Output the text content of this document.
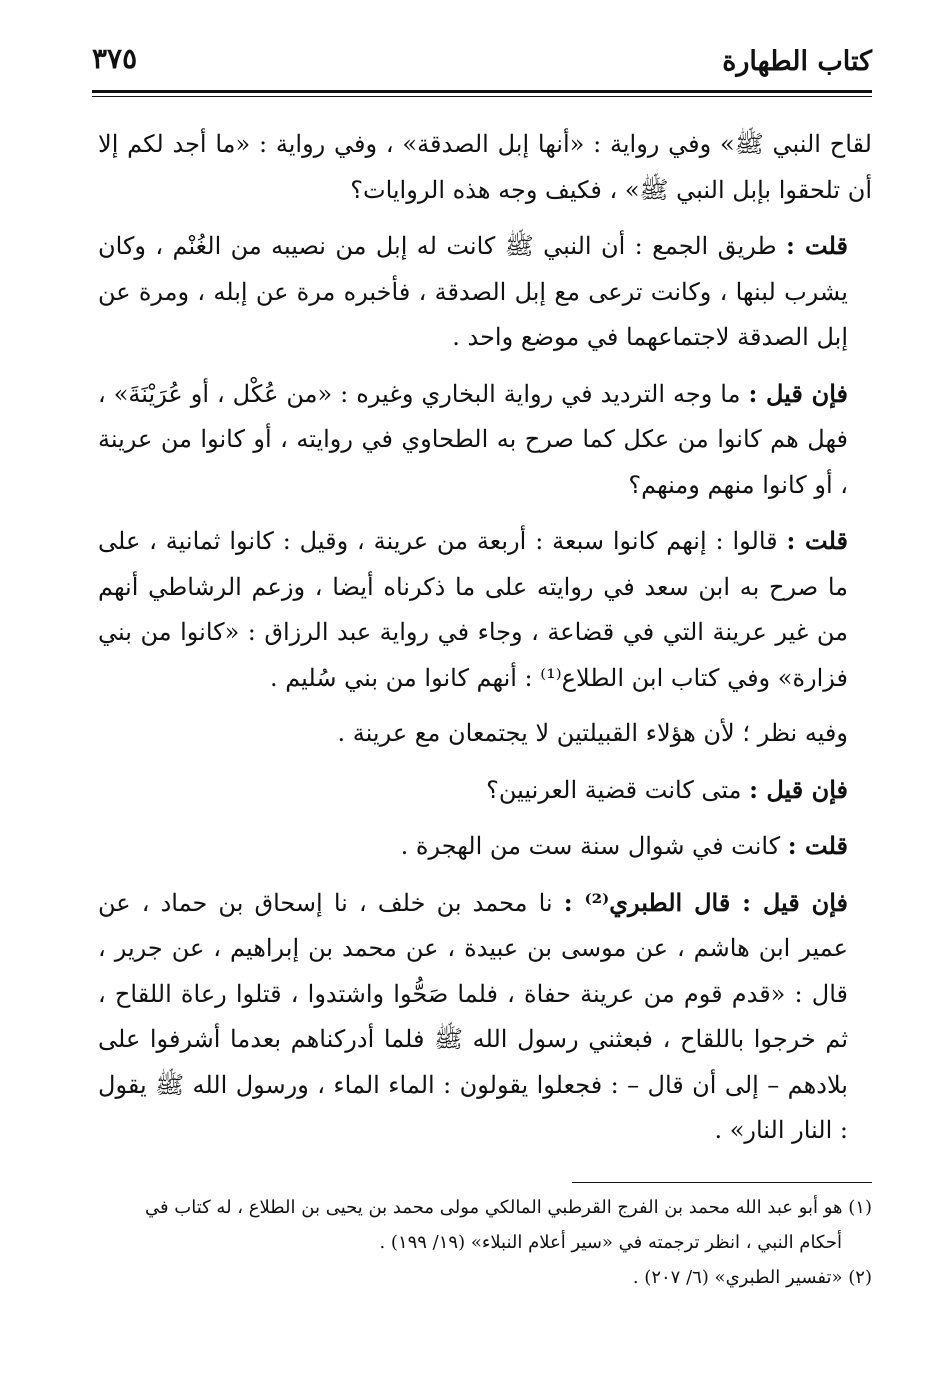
كتاب الطهارة
٣٧٥

لقاح النبي ﷺ» وفي رواية : «أنها إبل الصدقة» ، وفي رواية : «ما أجد لكم إلا أن تلحقوا بإبل النبي ﷺ» ، فكيف وجه هذه الروايات؟

قلت : طريق الجمع : أن النبي ﷺ كانت له إبل من نصيبه من الغُنْم ، وكان يشرب لبنها ، وكانت ترعى مع إبل الصدقة ، فأخبره مرة عن إبله ، ومرة عن إبل الصدقة لاجتماعهما في موضع واحد .

فإن قيل : ما وجه الترديد في رواية البخاري وغيره : «من عُكْل ، أو عُرَيْنَةَ» ، فهل هم كانوا من عكل كما صرح به الطحاوي في روايته ، أو كانوا من عرينة ، أو كانوا منهم ومنهم؟

قلت : قالوا : إنهم كانوا سبعة : أربعة من عرينة ، وقيل : كانوا ثمانية ، على ما صرح به ابن سعد في روايته على ما ذكرناه أيضا ، وزعم الرشاطي أنهم من غير عرينة التي في قضاعة ، وجاء في رواية عبد الرزاق : «كانوا من بني فزارة» وفي كتاب ابن الطلاع⁽¹⁾ : أنهم كانوا من بني سُليم .

وفيه نظر ؛ لأن هؤلاء القبيلتين لا يجتمعان مع عرينة .

فإن قيل : متى كانت قضية العرنيين؟

قلت : كانت في شوال سنة ست من الهجرة .

فإن قيل : قال الطبري⁽²⁾ : نا محمد بن خلف ، نا إسحاق بن حماد ، عن عمير ابن هاشم ، عن موسى بن عبيدة ، عن محمد بن إبراهيم ، عن جرير ، قال : «قدم قوم من عرينة حفاة ، فلما صَحُّوا واشتدوا ، قتلوا رعاة اللقاح ، ثم خرجوا باللقاح ، فبعثني رسول الله ﷺ فلما أدركناهم بعدما أشرفوا على بلادهم – إلى أن قال – : فجعلوا يقولون : الماء الماء ، ورسول الله ﷺ يقول : النار النار» .

(١) هو أبو عبد الله محمد بن الفرج القرطبي المالكي مولى محمد بن يحيى بن الطلاع ، له كتاب في

أحكام النبي ، انظر ترجمته في «سير أعلام النبلاء» (١٩/ ١٩٩) .

(٢) «تفسير الطبري» (٦/ ٢٠٧) .
